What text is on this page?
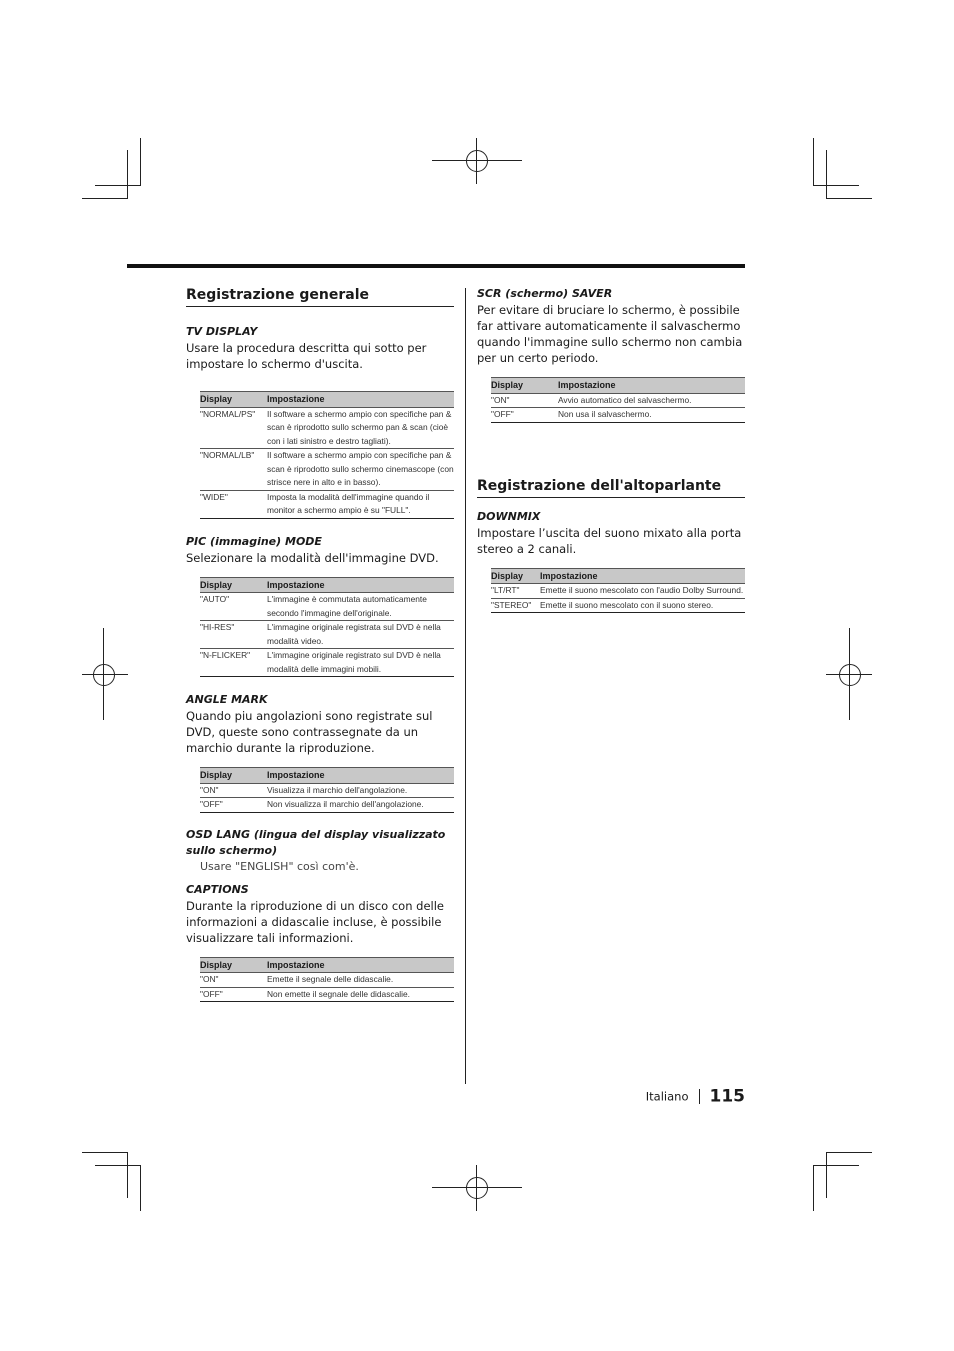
Registrazione generale
TV DISPLAY

Usare la procedura descritta qui sotto per impostare lo schermo d'uscita.

Display	Impostazione
"NORMAL/PS"	Il software a schermo ampio con specifiche pan & scan è riprodotto sullo schermo pan & scan (cioè con i lati sinistro e destro tagliati).
"NORMAL/LB"	Il software a schermo ampio con specifiche pan & scan è riprodotto sullo schermo cinemascope (con strisce nere in alto e in basso).
"WIDE"	Imposta la modalità dell'immagine quando il monitor a schermo ampio è su "FULL".
PIC (immagine) MODE

Selezionare la modalità dell'immagine DVD.

Display	Impostazione
"AUTO"	L'immagine è commutata automaticamente secondo l'immagine dell'originale.
"HI-RES"	L'immagine originale registrata sul DVD è nella modalità video.
"N-FLICKER"	L'immagine originale registrato sul DVD è nella modalità delle immagini mobili.
ANGLE MARK

Quando piu angolazioni sono registrate sul DVD, queste sono contrassegnate da un marchio durante la riproduzione.

Display	Impostazione
"ON"	Visualizza il marchio dell'angolazione.
"OFF"	Non visualizza il marchio dell'angolazione.
OSD LANG (lingua del display visualizzato sullo schermo)

Usare "ENGLISH" così com'è.

CAPTIONS

Durante la riproduzione di un disco con delle informazioni a didascalie incluse, è possibile visualizzare tali informazioni.

Display	Impostazione
"ON"	Emette il segnale delle didascalie.
"OFF"	Non emette il segnale delle didascalie.
SCR (schermo) SAVER

Per evitare di bruciare lo schermo, è possibile far attivare automaticamente il salvaschermo quando l'immagine sullo schermo non cambia per un certo periodo.

Display	Impostazione
"ON"	Avvio automatico del salvaschermo.
"OFF"	Non usa il salvaschermo.
Registrazione dell'altoparlante
DOWNMIX

Impostare l’uscita del suono mixato alla porta stereo a 2 canali.

Display	Impostazione
"LT/RT"	Emette il suono mescolato con l'audio Dolby Surround.
"STEREO"	Emette il suono mescolato con il suono stereo.
Italiano 115
